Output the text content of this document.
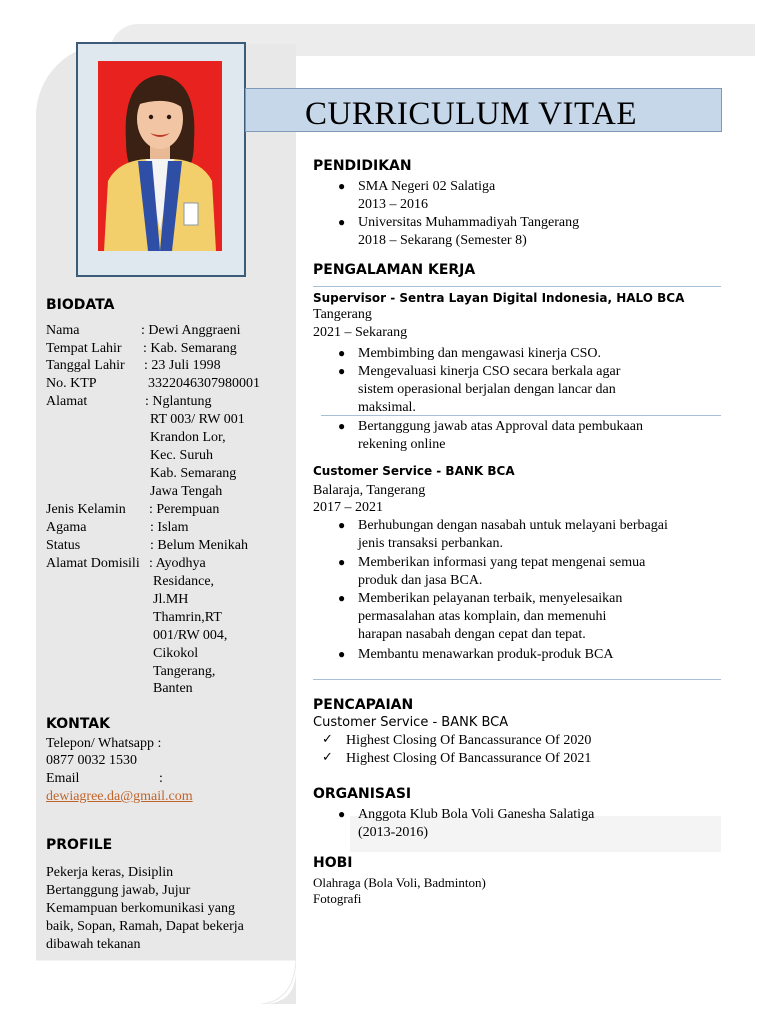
CURRICULUM VITAE
BIODATA
Nama	: Dewi Anggraeni
Tempat Lahir : Kab. Semarang
Tanggal Lahir : 23 Juli 1998
No. KTP	3322046307980001
Alamat	: Nglantung
RT 003/ RW 001
Krandon Lor,
Kec. Suruh
Kab. Semarang
Jawa Tengah
Jenis Kelamin : Perempuan
Agama	: Islam
Status	: Belum Menikah
Alamat Domisili : Ayodhya
Residance,
Jl.MH
Thamrin,RT
001/RW 004,
Cikokol
Tangerang,
Banten
KONTAK
Telepon/ Whatsapp :
0877 0032 1530
Email	:
dewiagree.da@gmail.com
PROFILE
Pekerja keras, Disiplin
Bertanggung jawab, Jujur
Kemampuan berkomunikasi yang
baik, Sopan, Ramah, Dapat bekerja
dibawah tekanan
PENDIDIKAN
● SMA Negeri 02 Salatiga
2013 – 2016
● Universitas Muhammadiyah Tangerang
2018 – Sekarang (Semester 8)
PENGALAMAN KERJA
Supervisor - Sentra Layan Digital Indonesia, HALO BCA
Tangerang
2021 – Sekarang
● Membimbing dan mengawasi kinerja CSO.
● Mengevaluasi kinerja CSO secara berkala agar
sistem operasional berjalan dengan lancar dan
maksimal.
● Bertanggung jawab atas Approval data pembukaan
rekening online
Customer Service - BANK BCA
Balaraja, Tangerang
2017 – 2021
● Berhubungan dengan nasabah untuk melayani berbagai
jenis transaksi perbankan.
● Memberikan informasi yang tepat mengenai semua
produk dan jasa BCA.
● Memberikan pelayanan terbaik, menyelesaikan
permasalahan atas komplain, dan memenuhi
harapan nasabah dengan cepat dan tepat.
● Membantu menawarkan produk-produk BCA
PENCAPAIAN
Customer Service - BANK BCA
✓ Highest Closing Of Bancassurance Of 2020
✓ Highest Closing Of Bancassurance Of 2021
ORGANISASI
● Anggota Klub Bola Voli Ganesha Salatiga
(2013-2016)
HOBI
Olahraga (Bola Voli, Badminton)
Fotografi
